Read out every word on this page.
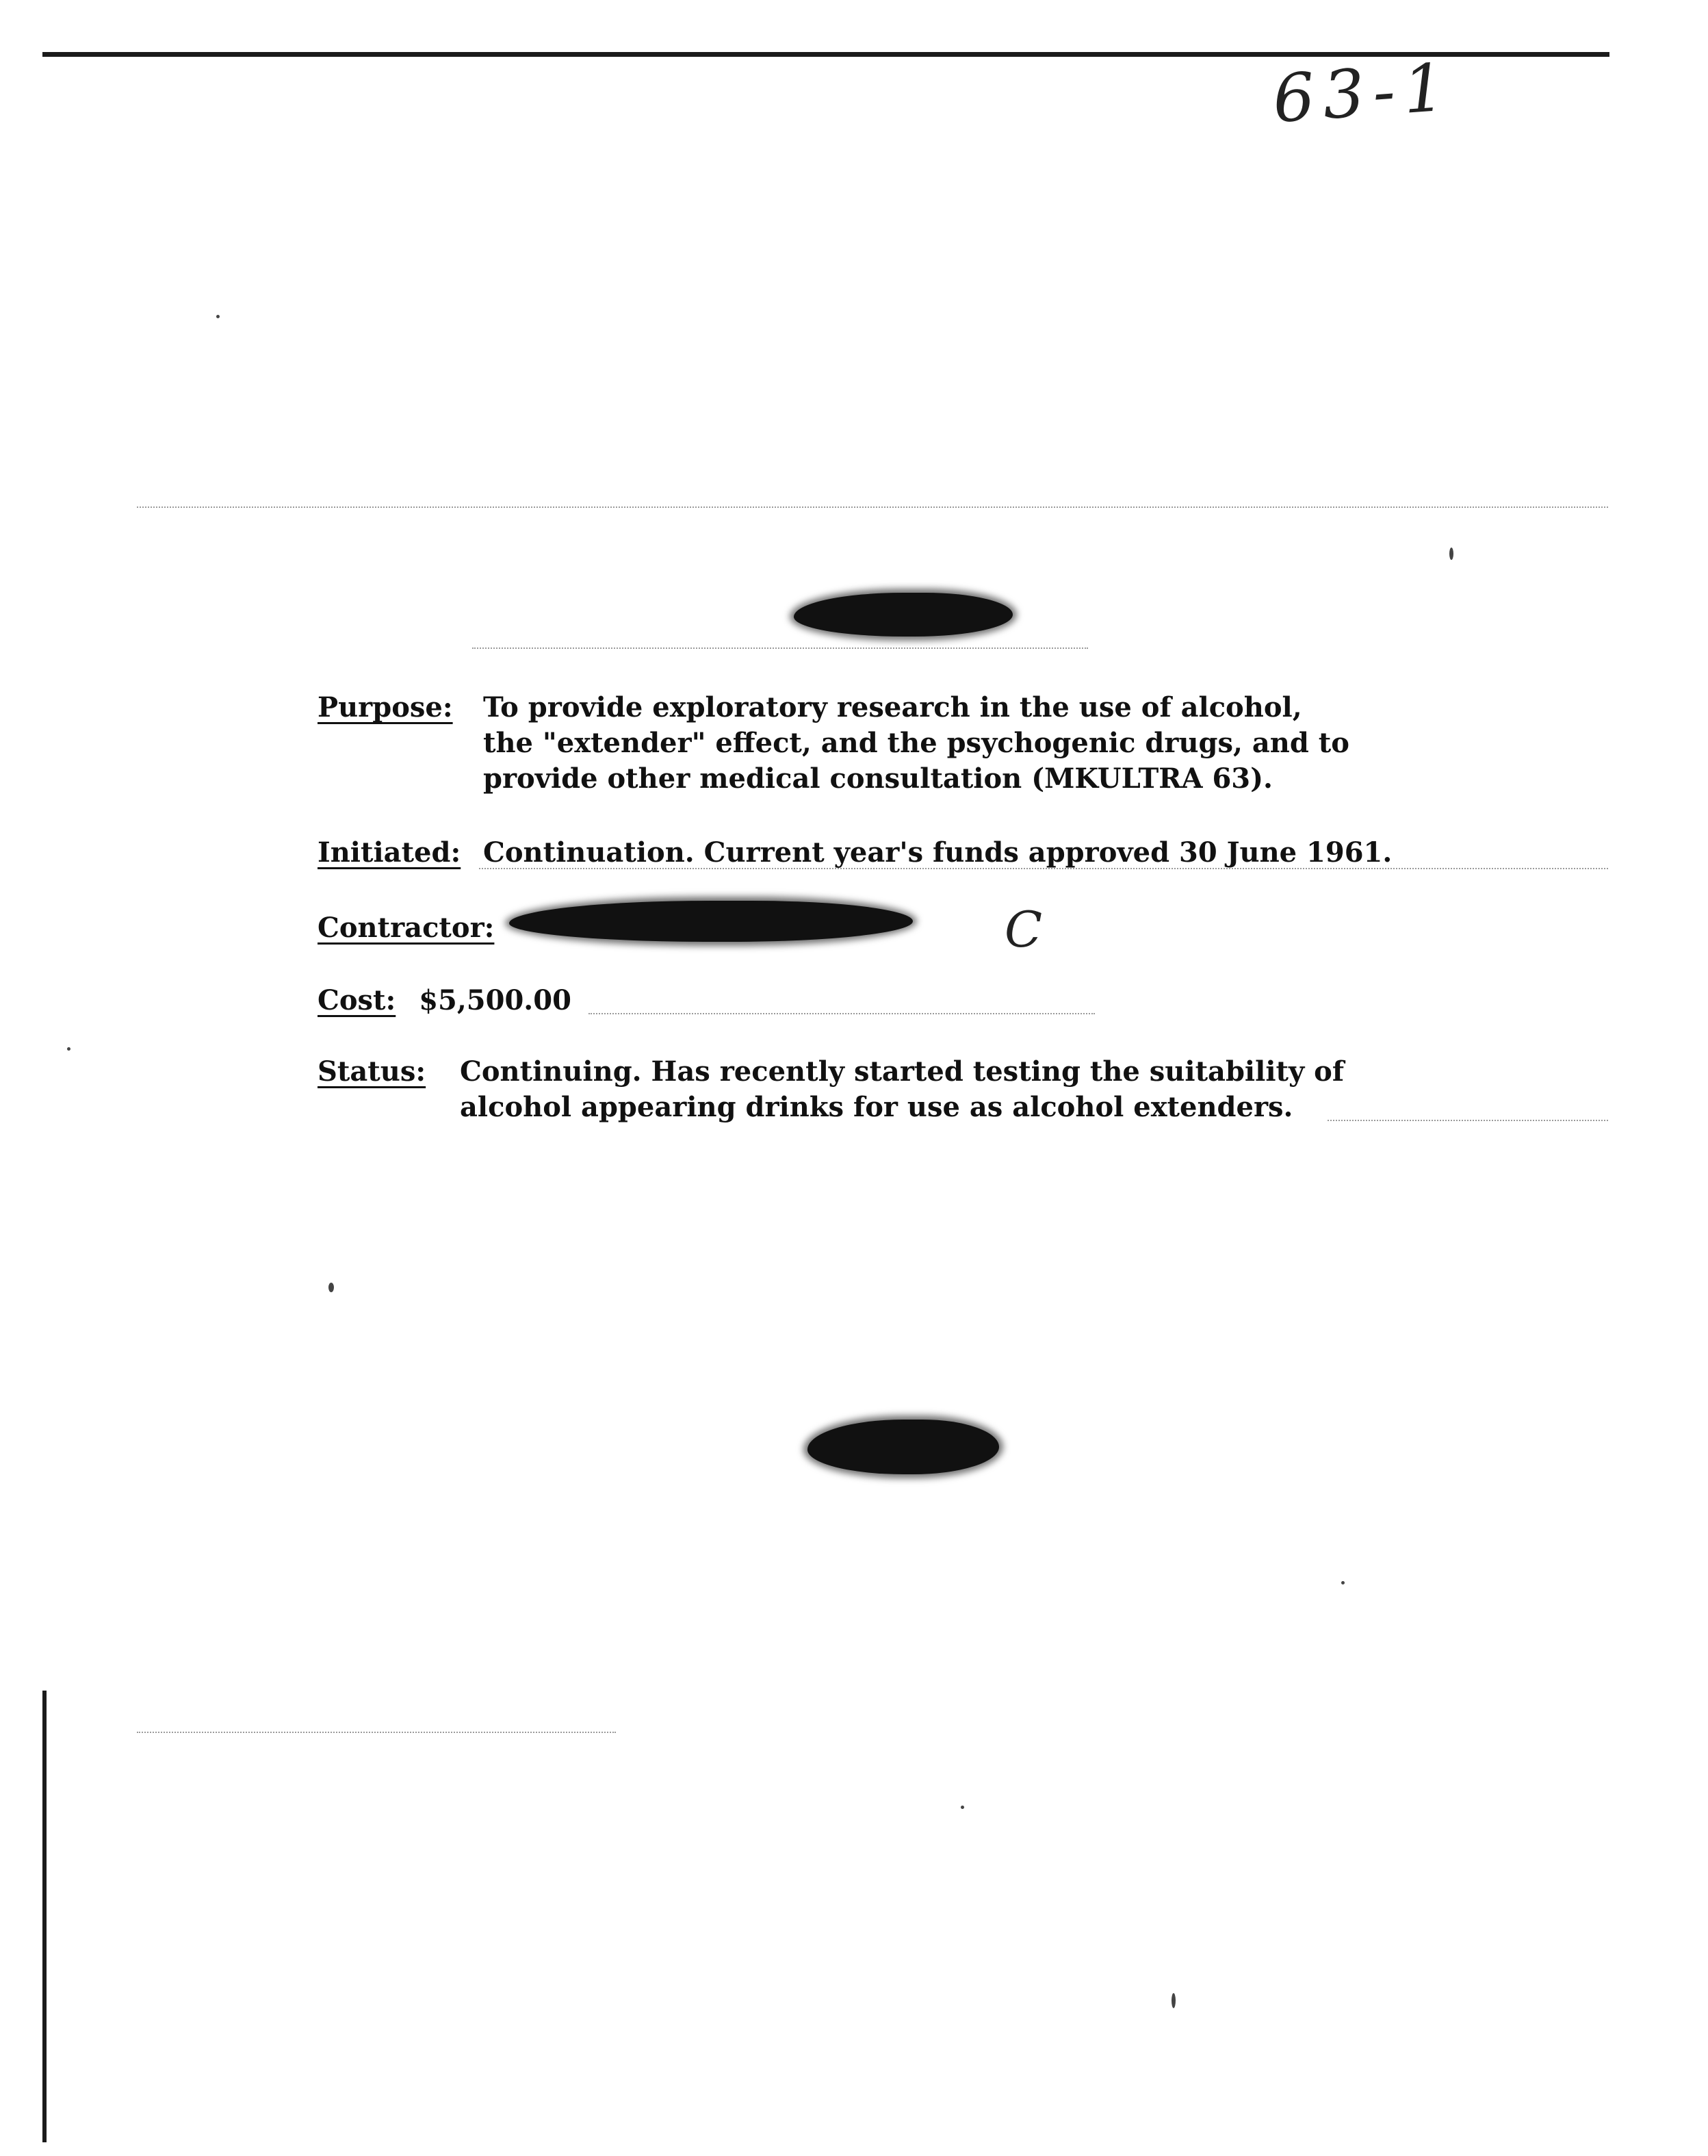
63-1
Purpose: To provide exploratory research in the use of alcohol,
the "extender" effect, and the psychogenic drugs, and to
provide other medical consultation (MKULTRA 63).
Initiated: Continuation. Current year's funds approved 30 June 1961.
Contractor:	C
Cost: $5,500.00
Status: Continuing. Has recently started testing the suitability of
alcohol appearing drinks for use as alcohol extenders.
